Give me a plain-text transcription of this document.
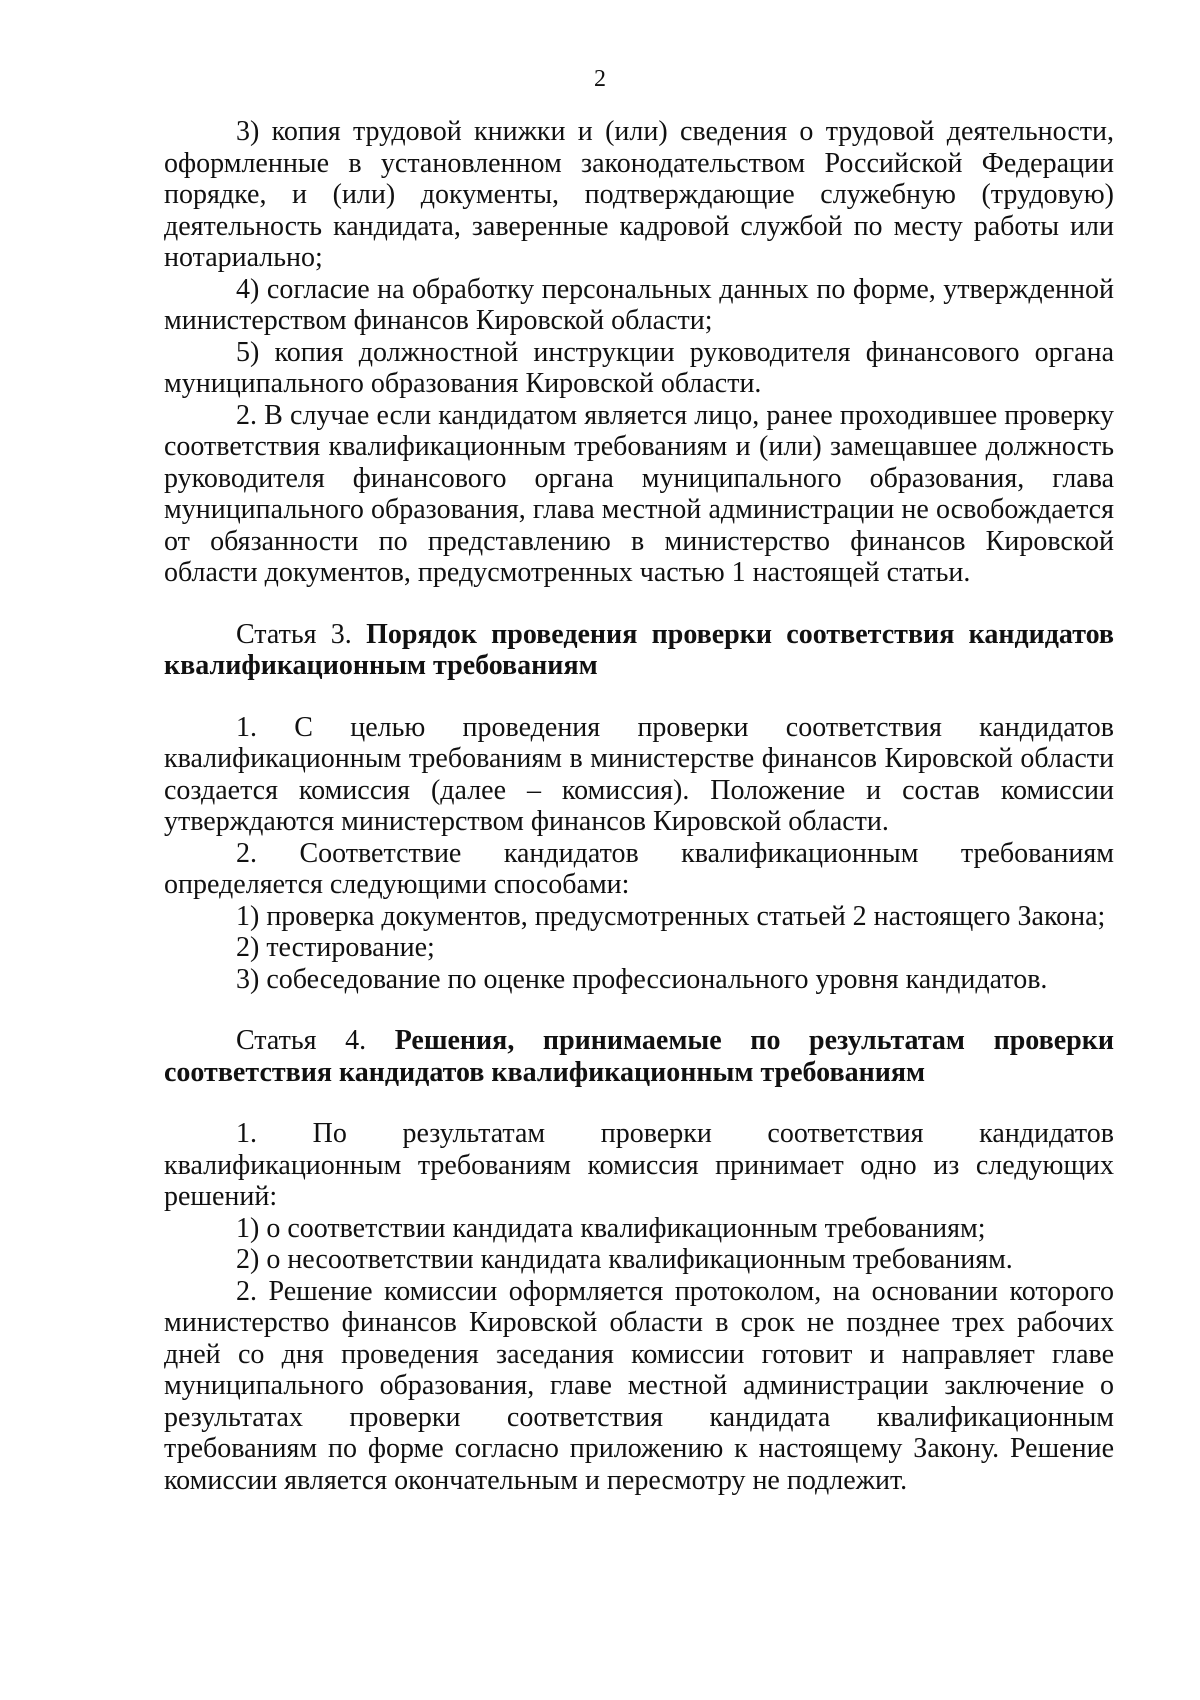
2

3) копия трудовой книжки и (или) сведения о трудовой деятельности, оформленные в установленном законодательством Российской Федерации порядке, и (или) документы, подтверждающие служебную (трудовую) деятельность кандидата, заверенные кадровой службой по месту работы или нотариально;

4) согласие на обработку персональных данных по форме, утвержденной министерством финансов Кировской области;

5) копия должностной инструкции руководителя финансового органа муниципального образования Кировской области.

2. В случае если кандидатом является лицо, ранее проходившее проверку соответствия квалификационным требованиям и (или) замещавшее должность руководителя финансового органа муниципального образования, глава муниципального образования, глава местной администрации не освобождается от обязанности по представлению в министерство финансов Кировской области документов, предусмотренных частью 1 настоящей статьи.

Статья 3. Порядок проведения проверки соответствия кандидатов квалификационным требованиям

1. С целью проведения проверки соответствия кандидатов квалификационным требованиям в министерстве финансов Кировской области создается комиссия (далее – комиссия). Положение и состав комиссии утверждаются министерством финансов Кировской области.

2. Соответствие кандидатов квалификационным требованиям определяется следующими способами:

1) проверка документов, предусмотренных статьей 2 настоящего Закона;

2) тестирование;

3) собеседование по оценке профессионального уровня кандидатов.

Статья 4. Решения, принимаемые по результатам проверки соответствия кандидатов квалификационным требованиям

1. По результатам проверки соответствия кандидатов квалификационным требованиям комиссия принимает одно из следующих решений:

1) о соответствии кандидата квалификационным требованиям;

2) о несоответствии кандидата квалификационным требованиям.

2. Решение комиссии оформляется протоколом, на основании которого министерство финансов Кировской области в срок не позднее трех рабочих дней со дня проведения заседания комиссии готовит и направляет главе муниципального образования, главе местной администрации заключение о результатах проверки соответствия кандидата квалификационным требованиям по форме согласно приложению к настоящему Закону. Решение комиссии является окончательным и пересмотру не подлежит.
